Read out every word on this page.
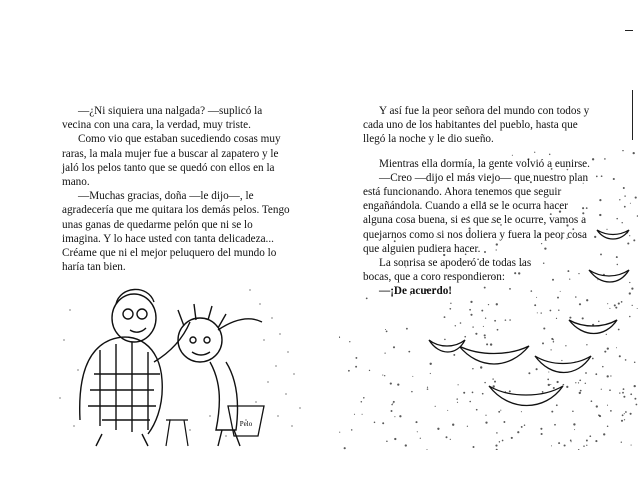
—¿Ni siquiera una nalgada? —suplicó la vecina con una cara, la verdad, muy triste.

Como vio que estaban sucediendo cosas muy raras, la mala mujer fue a buscar al zapatero y le jaló los pelos tanto que se quedó con ellos en la mano.

—Muchas gracias, doña —le dijo—, le agradecería que me quitara los demás pelos. Tengo unas ganas de quedarme pelón que ni se lo imagina. Y lo hace usted con tanta delicadeza... Créame que ni el mejor peluquero del mundo lo haría tan bien.

Pelo

Y así fue la peor señora del mundo con todos y cada uno de los habitantes del pueblo, hasta que llegó la noche y le dio sueño.

Mientras ella dormía, la gente volvió a eunirse.

—Creo —dijo el más viejo— que nuestro plan está funcionando. Ahora tenemos que seguir engañándola. Cuando a ella se le ocurra hacer alguna cosa buena, si es que se le ocurre, vamos a quejarnos como si nos doliera y fuera la peor cosa que alguien pudiera hacer.

La sonrisa se apoderó de todas las bocas, que a coro respondieron:

—¡De acuerdo!
